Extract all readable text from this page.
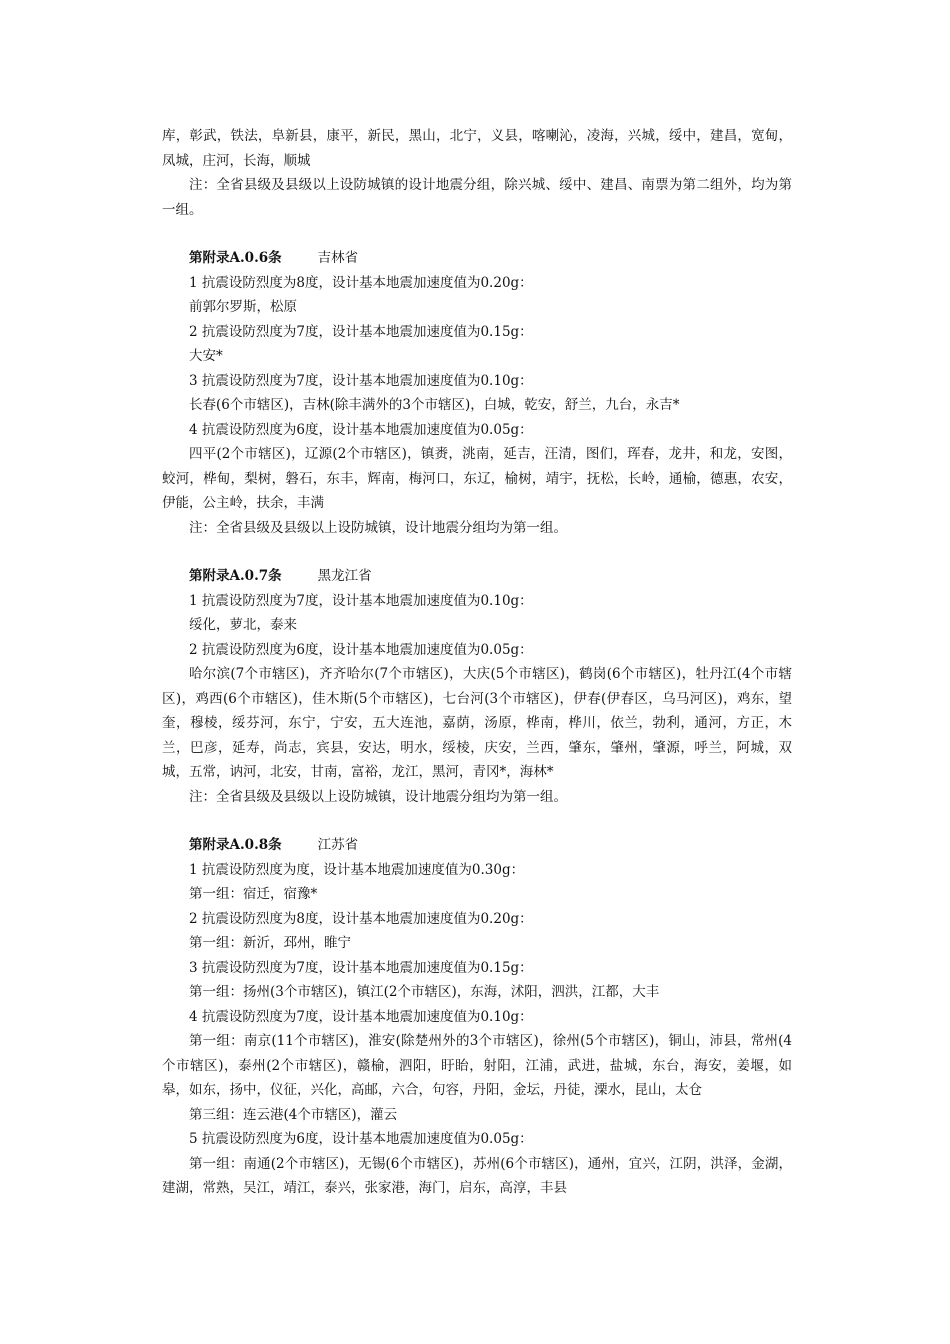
库，彰武，铁法，阜新县，康平，新民，黑山，北宁，义县，喀喇沁，凌海，兴城，绥中，建昌，宽甸，凤城，庄河，长海，顺城

注：全省县级及县级以上设防城镇的设计地震分组，除兴城、绥中、建昌、南票为第二组外，均为第一组。

第附录A.0.6条	吉林省

1 抗震设防烈度为8度，设计基本地震加速度值为0.20g：

前郭尔罗斯，松原

2 抗震设防烈度为7度，设计基本地震加速度值为0.15g：

大安*

3 抗震设防烈度为7度，设计基本地震加速度值为0.10g：

长春(6个市辖区)，吉林(除丰满外的3个市辖区)，白城，乾安，舒兰，九台，永吉*

4 抗震设防烈度为6度，设计基本地震加速度值为0.05g：

四平(2个市辖区)，辽源(2个市辖区)，镇赉，洮南，延吉，汪清，图们，珲春，龙井，和龙，安图，蛟河，桦甸，梨树，磐石，东丰，辉南，梅河口，东辽，榆树，靖宇，抚松，长岭，通榆，德惠，农安，伊能，公主岭，扶余，丰满

注：全省县级及县级以上设防城镇，设计地震分组均为第一组。

第附录A.0.7条	黑龙江省

1 抗震设防烈度为7度，设计基本地震加速度值为0.10g：

绥化，萝北，泰来

2 抗震设防烈度为6度，设计基本地震加速度值为0.05g：

哈尔滨(7个市辖区)，齐齐哈尔(7个市辖区)，大庆(5个市辖区)，鹤岗(6个市辖区)，牡丹江(4个市辖区)，鸡西(6个市辖区)，佳木斯(5个市辖区)，七台河(3个市辖区)，伊春(伊春区，乌马河区)，鸡东，望奎，穆棱，绥芬河，东宁，宁安，五大连池，嘉荫，汤原，桦南，桦川，依兰，勃利，通河，方正，木兰，巴彦，延寿，尚志，宾县，安达，明水，绥棱，庆安，兰西，肇东，肇州，肇源，呼兰，阿城，双城，五常，讷河，北安，甘南，富裕，龙江，黑河，青冈*，海林*

注：全省县级及县级以上设防城镇，设计地震分组均为第一组。

第附录A.0.8条	江苏省

1 抗震设防烈度为度，设计基本地震加速度值为0.30g：

第一组：宿迁，宿豫*

2 抗震设防烈度为8度，设计基本地震加速度值为0.20g：

第一组：新沂，邳州，睢宁

3 抗震设防烈度为7度，设计基本地震加速度值为0.15g：

第一组：扬州(3个市辖区)，镇江(2个市辖区)，东海，沭阳，泗洪，江都，大丰

4 抗震设防烈度为7度，设计基本地震加速度值为0.10g：

第一组：南京(11个市辖区)，淮安(除楚州外的3个市辖区)，徐州(5个市辖区)，铜山，沛县，常州(4个市辖区)，泰州(2个市辖区)，赣榆，泗阳，盱眙，射阳，江浦，武进，盐城，东台，海安，姜堰，如皋，如东，扬中，仪征，兴化，高邮，六合，句容，丹阳，金坛，丹徒，溧水，昆山，太仓

第三组：连云港(4个市辖区)，灌云

5 抗震设防烈度为6度，设计基本地震加速度值为0.05g：

第一组：南通(2个市辖区)，无锡(6个市辖区)，苏州(6个市辖区)，通州，宜兴，江阴，洪泽，金湖，建湖，常熟，吴江，靖江，泰兴，张家港，海门，启东，高淳，丰县
